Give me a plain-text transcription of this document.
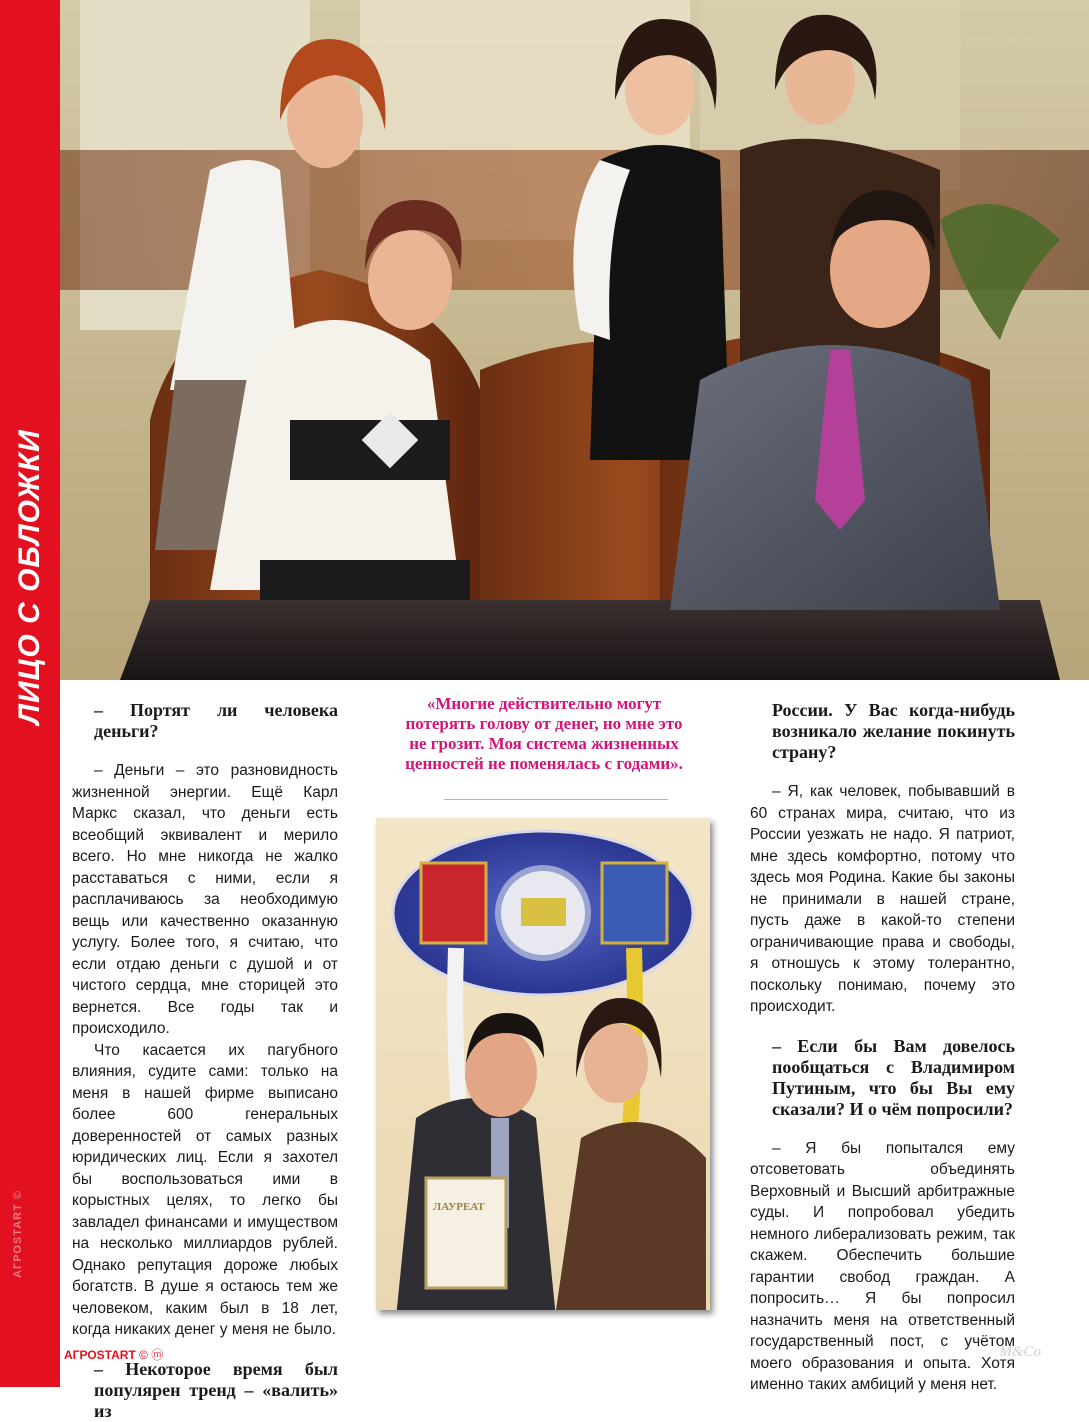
ЛИЦО С ОБЛОЖКИ
АГРОSTART ©
АГРОSTART ©

– Портят ли человека деньги?

– Деньги – это разновидность жизненной энергии. Ещё Карл Маркс сказал, что деньги есть всеобщий эквивалент и мерило всего. Но мне никогда не жалко расставаться с ними, если я расплачиваюсь за необходимую вещь или качественно оказанную услугу. Более того, я считаю, что если отдаю деньги с душой и от чистого сердца, мне сторицей это вернется. Все годы так и происходило.

Что касается их пагубного влияния, судите сами: только на меня в нашей фирме выписано более 600 генеральных доверенностей от самых разных юридических лиц. Если я захотел бы воспользоваться ими в корыстных целях, то легко бы завладел финансами и имуществом на несколько миллиардов рублей. Однако репутация дороже любых богатств. В душе я остаюсь тем же человеком, каким был в 18 лет, когда никаких денег у меня не было.

– Некоторое время был популярен тренд – «валить» из

«Многие действительно могут потерять голову от денег, но мне это не грозит. Моя система жизненных ценностей не поменялась с годами».
ЛАУРЕАТ

России. У Вас когда-нибудь возникало желание покинуть страну?

– Я, как человек, побывавший в 60 странах мира, считаю, что из России уезжать не надо. Я патриот, мне здесь комфортно, потому что здесь моя Родина. Какие бы законы не принимали в нашей стране, пусть даже в какой-то степени ограничивающие права и свободы, я отношусь к этому толерантно, поскольку понимаю, почему это происходит.

– Если бы Вам довелось пообщаться с Владимиром Путиным, что бы Вы ему сказали? И о чём попросили?

– Я бы попытался ему отсоветовать объединять Верховный и Высший арбитражные суды. И попробовал убедить немного либерализовать режим, так скажем. Обеспечить большие гарантии свобод граждан. А попросить… Я бы попросил назначить меня на ответственный государственный пост, с учётом моего образования и опыта. Хотя именно таких амбиций у меня нет.

АГРОSTART © ⓜ	M&Co
